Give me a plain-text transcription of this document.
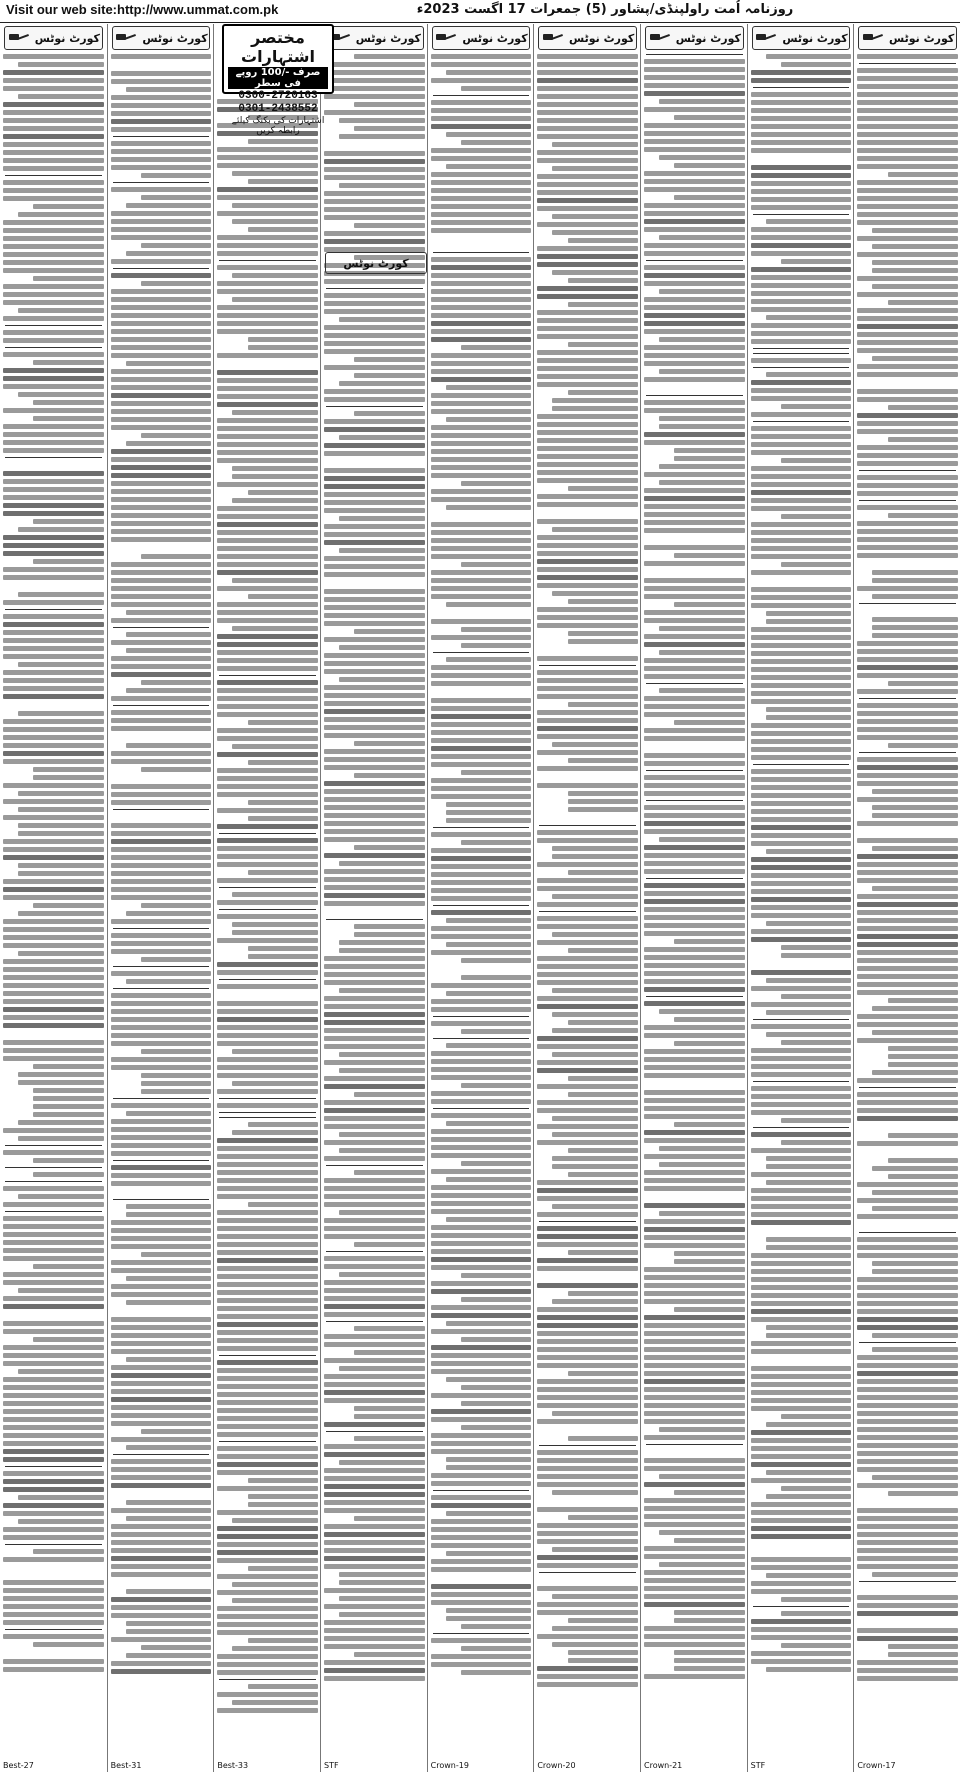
Visit our web site:http://www.ummat.com.pk	روزنامہ اُمت راولپنڈی/پشاور (5) جمعرات 17 اگست 2023ء
کورٹ نوٹس
Best-27
کورٹ نوٹس
Best-31	Best-33
کورٹ نوٹس
STF
کورٹ نوٹس
Crown-19
کورٹ نوٹس
Crown-20
کورٹ نوٹس
Crown-21
کورٹ نوٹس
STF
کورٹ نوٹس
Crown-17
مختصر اشتہارات
صرف -/100 روپے فی سطر
0300-2720163
0301-2438552
اشتہارات کی بکنگ کیلئے رابطہ کریں
کورٹ نوٹس
